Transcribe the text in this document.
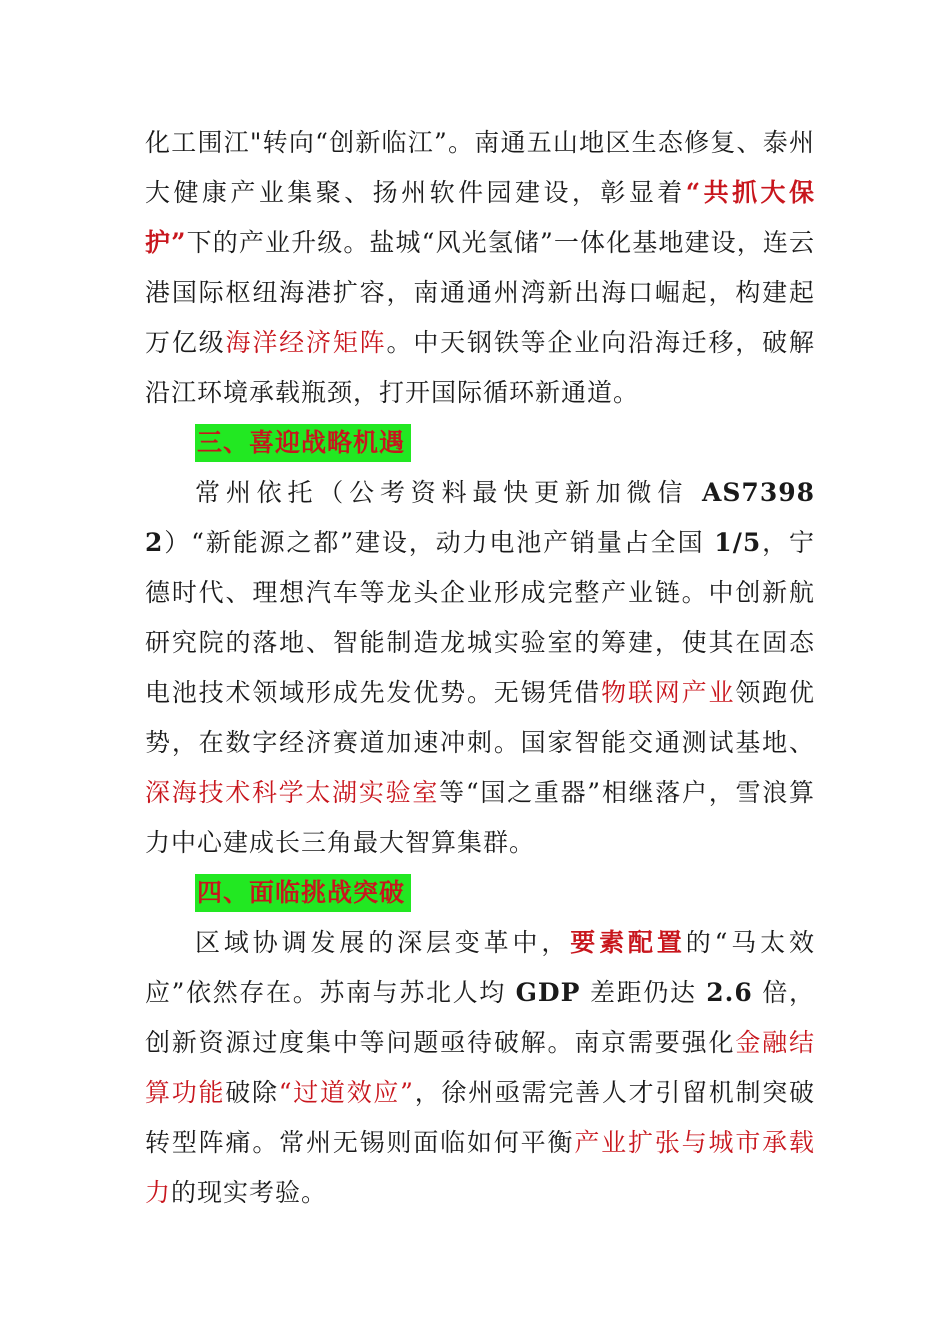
化工围江"转向“创新临江”。南通五山地区生态修复、泰州大健康产业集聚、扬州软件园建设，彰显着“共抓大保护”下的产业升级。盐城“风光氢储”一体化基地建设，连云港国际枢纽海港扩容，南通通州湾新出海口崛起，构建起万亿级海洋经济矩阵。中天钢铁等企业向沿海迁移，破解沿江环境承载瓶颈，打开国际循环新通道。

三、喜迎战略机遇

常州依托（公考资料最快更新加微信 AS73982）“新能源之都”建设，动力电池产销量占全国 1/5，宁德时代、理想汽车等龙头企业形成完整产业链。中创新航研究院的落地、智能制造龙城实验室的筹建，使其在固态电池技术领域形成先发优势。无锡凭借物联网产业领跑优势，在数字经济赛道加速冲刺。国家智能交通测试基地、深海技术科学太湖实验室等“国之重器”相继落户，雪浪算力中心建成长三角最大智算集群。

四、面临挑战突破

区域协调发展的深层变革中，要素配置的“马太效应”依然存在。苏南与苏北人均 GDP 差距仍达 2.6 倍，创新资源过度集中等问题亟待破解。南京需要强化金融结算功能破除“过道效应”，徐州亟需完善人才引留机制突破转型阵痛。常州无锡则面临如何平衡产业扩张与城市承载力的现实考验。
